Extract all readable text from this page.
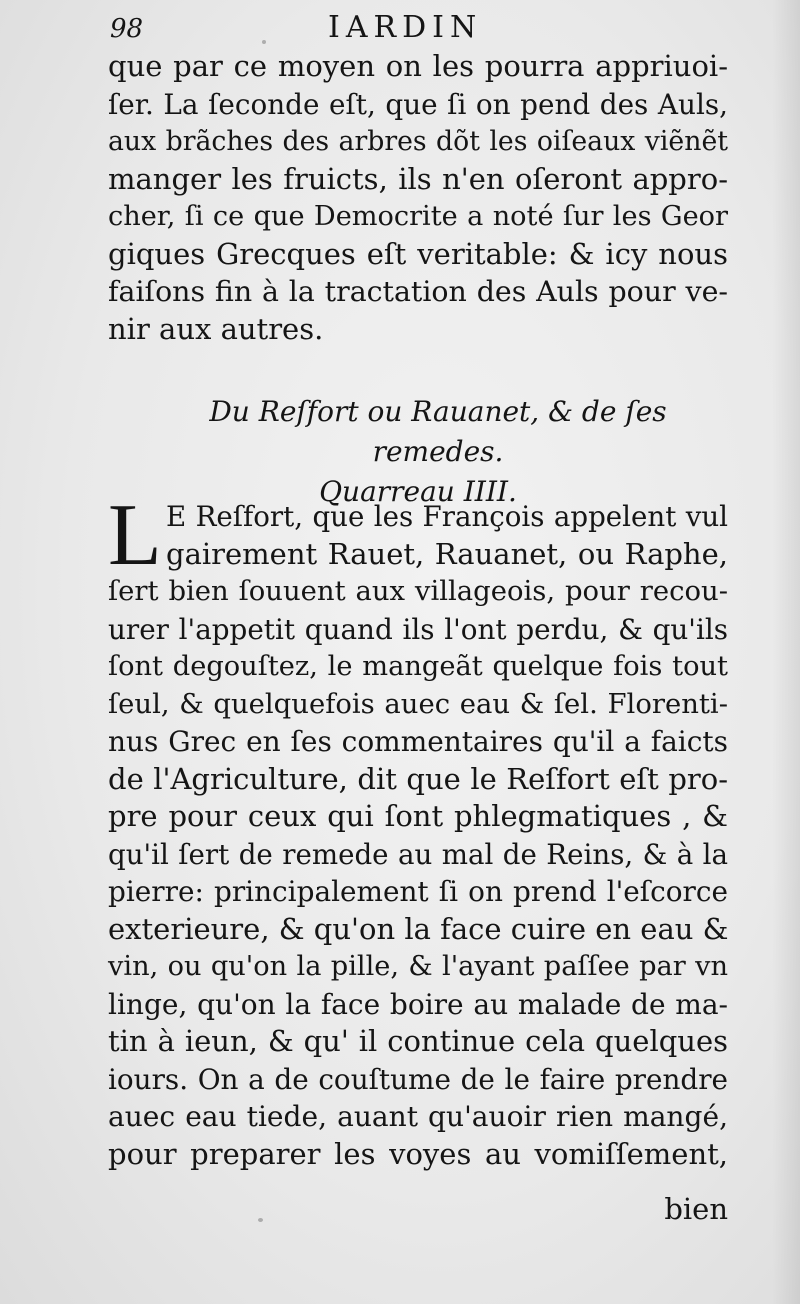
98	IARDIN
que par ce moyen on les pourra appriuoi-
ſer. La ſeconde eſt, que ſi on pend des Auls,
aux brãches des arbres dõt les oiſeaux viẽnẽt
manger les fruicts, ils n'en oſeront appro-
cher, ſi ce que Democrite a noté ſur les Geor
giques Grecques eſt veritable: & icy nous
faiſons fin à la tractation des Auls pour ve-
nir aux autres.
Du Reſfort ou Rauanet, & de ſes remedes.
Quarreau IIII.
L E Reſfort, que les François appelent vul
gairement Rauet, Rauanet, ou Raphe,
ſert bien ſouuent aux villageois, pour recou-
urer l'appetit quand ils l'ont perdu, & qu'ils
ſont degouſtez, le mangeãt quelque fois tout
ſeul, & quelquefois auec eau & ſel. Florenti-
nus Grec en ſes commentaires qu'il a faicts
de l'Agriculture, dit que le Reſfort eſt pro-
pre pour ceux qui ſont phlegmatiques , &
qu'il ſert de remede au mal de Reins, & à la
pierre: principalement ſi on prend l'eſcorce
exterieure, & qu'on la face cuire en eau &
vin, ou qu'on la pille, & l'ayant paſſee par vn
linge, qu'on la face boire au malade de ma-
tin à ieun, & qu' il continue cela quelques
iours. On a de couſtume de le faire prendre
auec eau tiede, auant qu'auoir rien mangé,
pour preparer les voyes au vomiſſement,
bien
